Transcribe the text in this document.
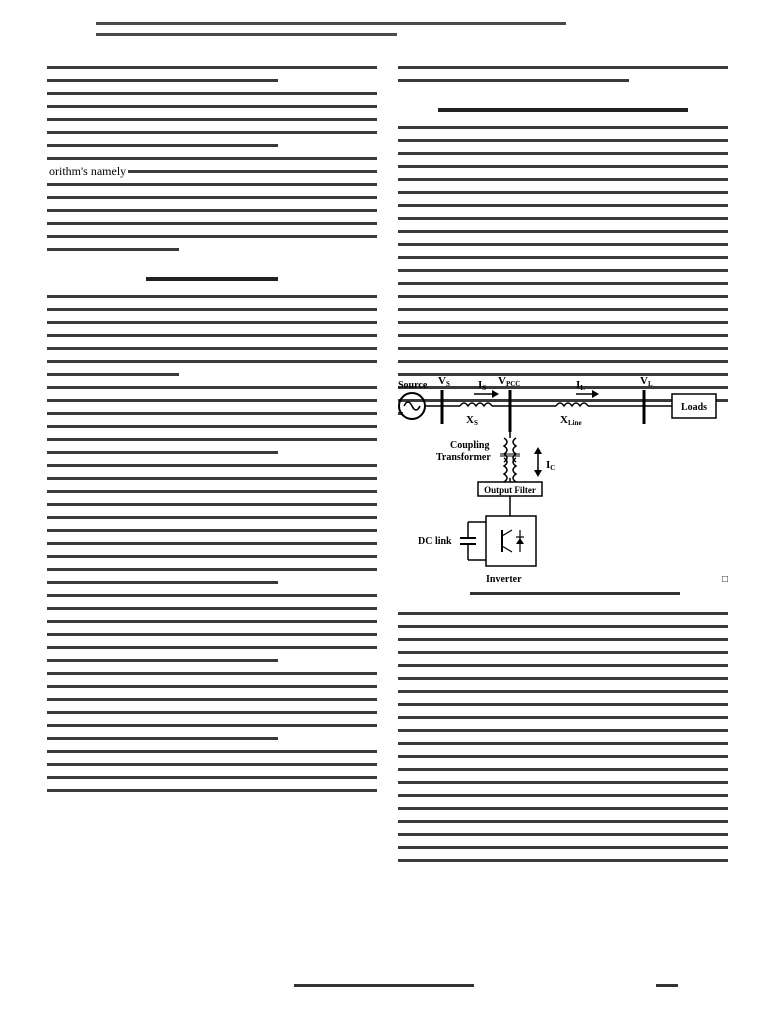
orithm's namely
Source VS
XS
IS
VPCC
XLine
IL
VL
Loads
Coupling
Transformer
IC
Output Filter
Inverter
DC link
□
